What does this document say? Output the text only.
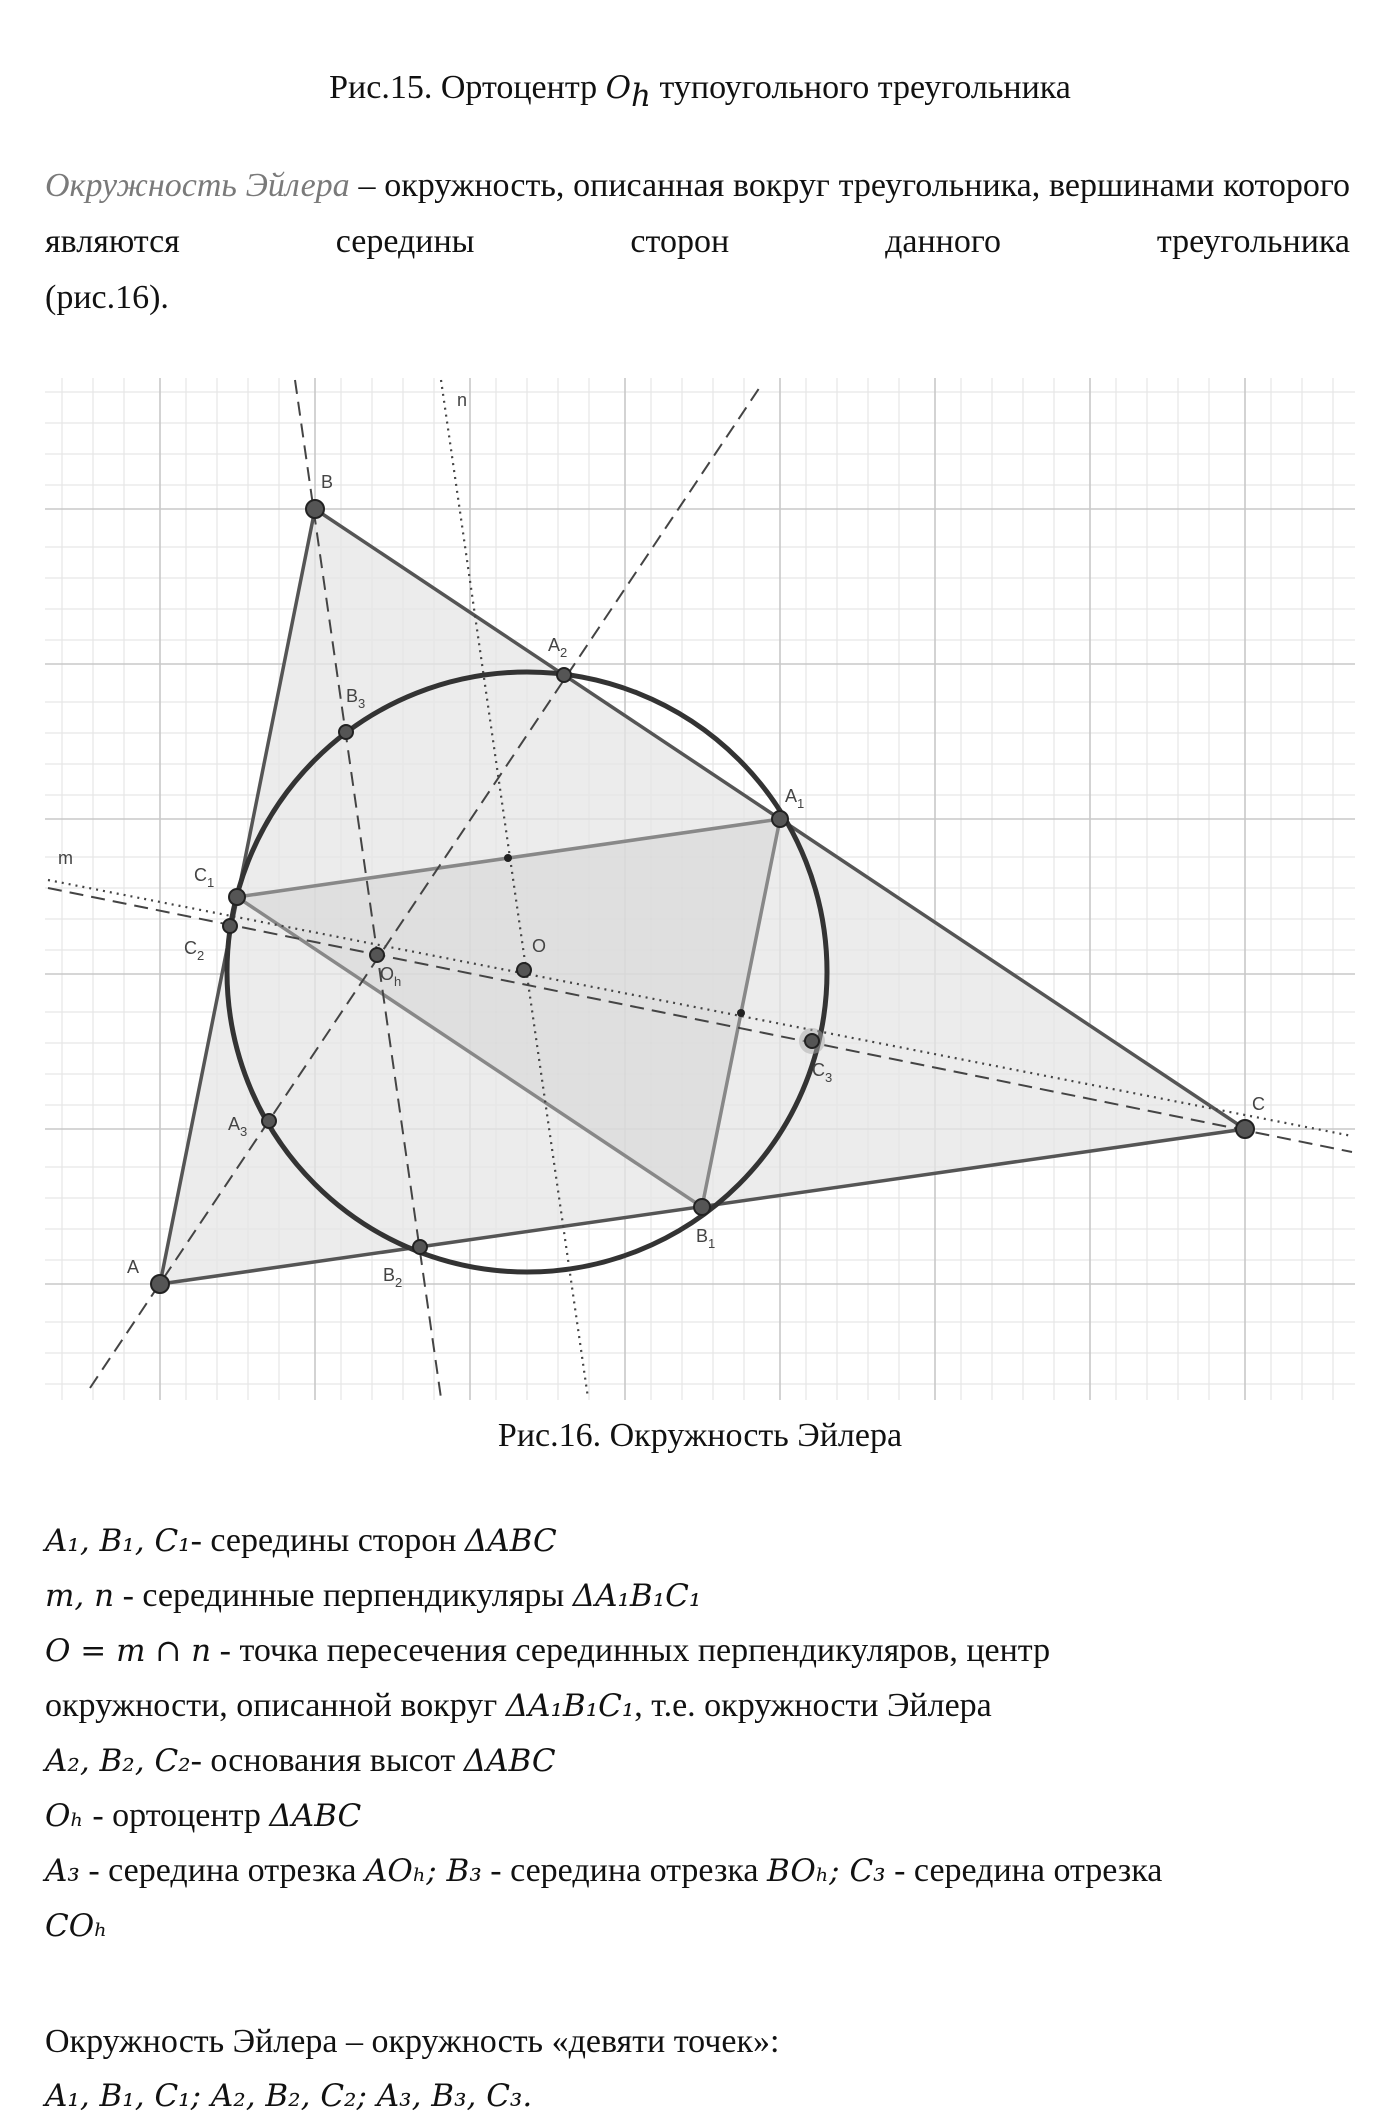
Рис.15. Ортоцентр $O_h$ тупоугольного треугольника
Окружность Эйлера – окружность, описанная вокруг треугольника, вершинами которого являются середины сторон данного треугольника
(рис.16).
A
B
C
$A_1$
$B_1$
$C_1$
$A_2$
$B_2$
$C_2$
$A_3$
$B_3$
$C_3$
O
$O_h$
m
n
Рис.16. Окружность Эйлера
A₁, B₁, C₁- середины сторон ΔABC
m, n - серединные перпендикуляры ΔA₁B₁C₁
O = m ∩ n - точка пересечения серединных перпендикуляров, центр
окружности, описанной вокруг ΔA₁B₁C₁, т.е. окружности Эйлера
A₂, B₂, C₂- основания высот ΔABC
Oₕ - ортоцентр ΔABC
A₃ - середина отрезка AOₕ; B₃ - середина отрезка BOₕ; C₃ - середина отрезка
COₕ
Окружность Эйлера – окружность «девяти точек»:
A₁, B₁, C₁; A₂, B₂, C₂; A₃, B₃, C₃.
